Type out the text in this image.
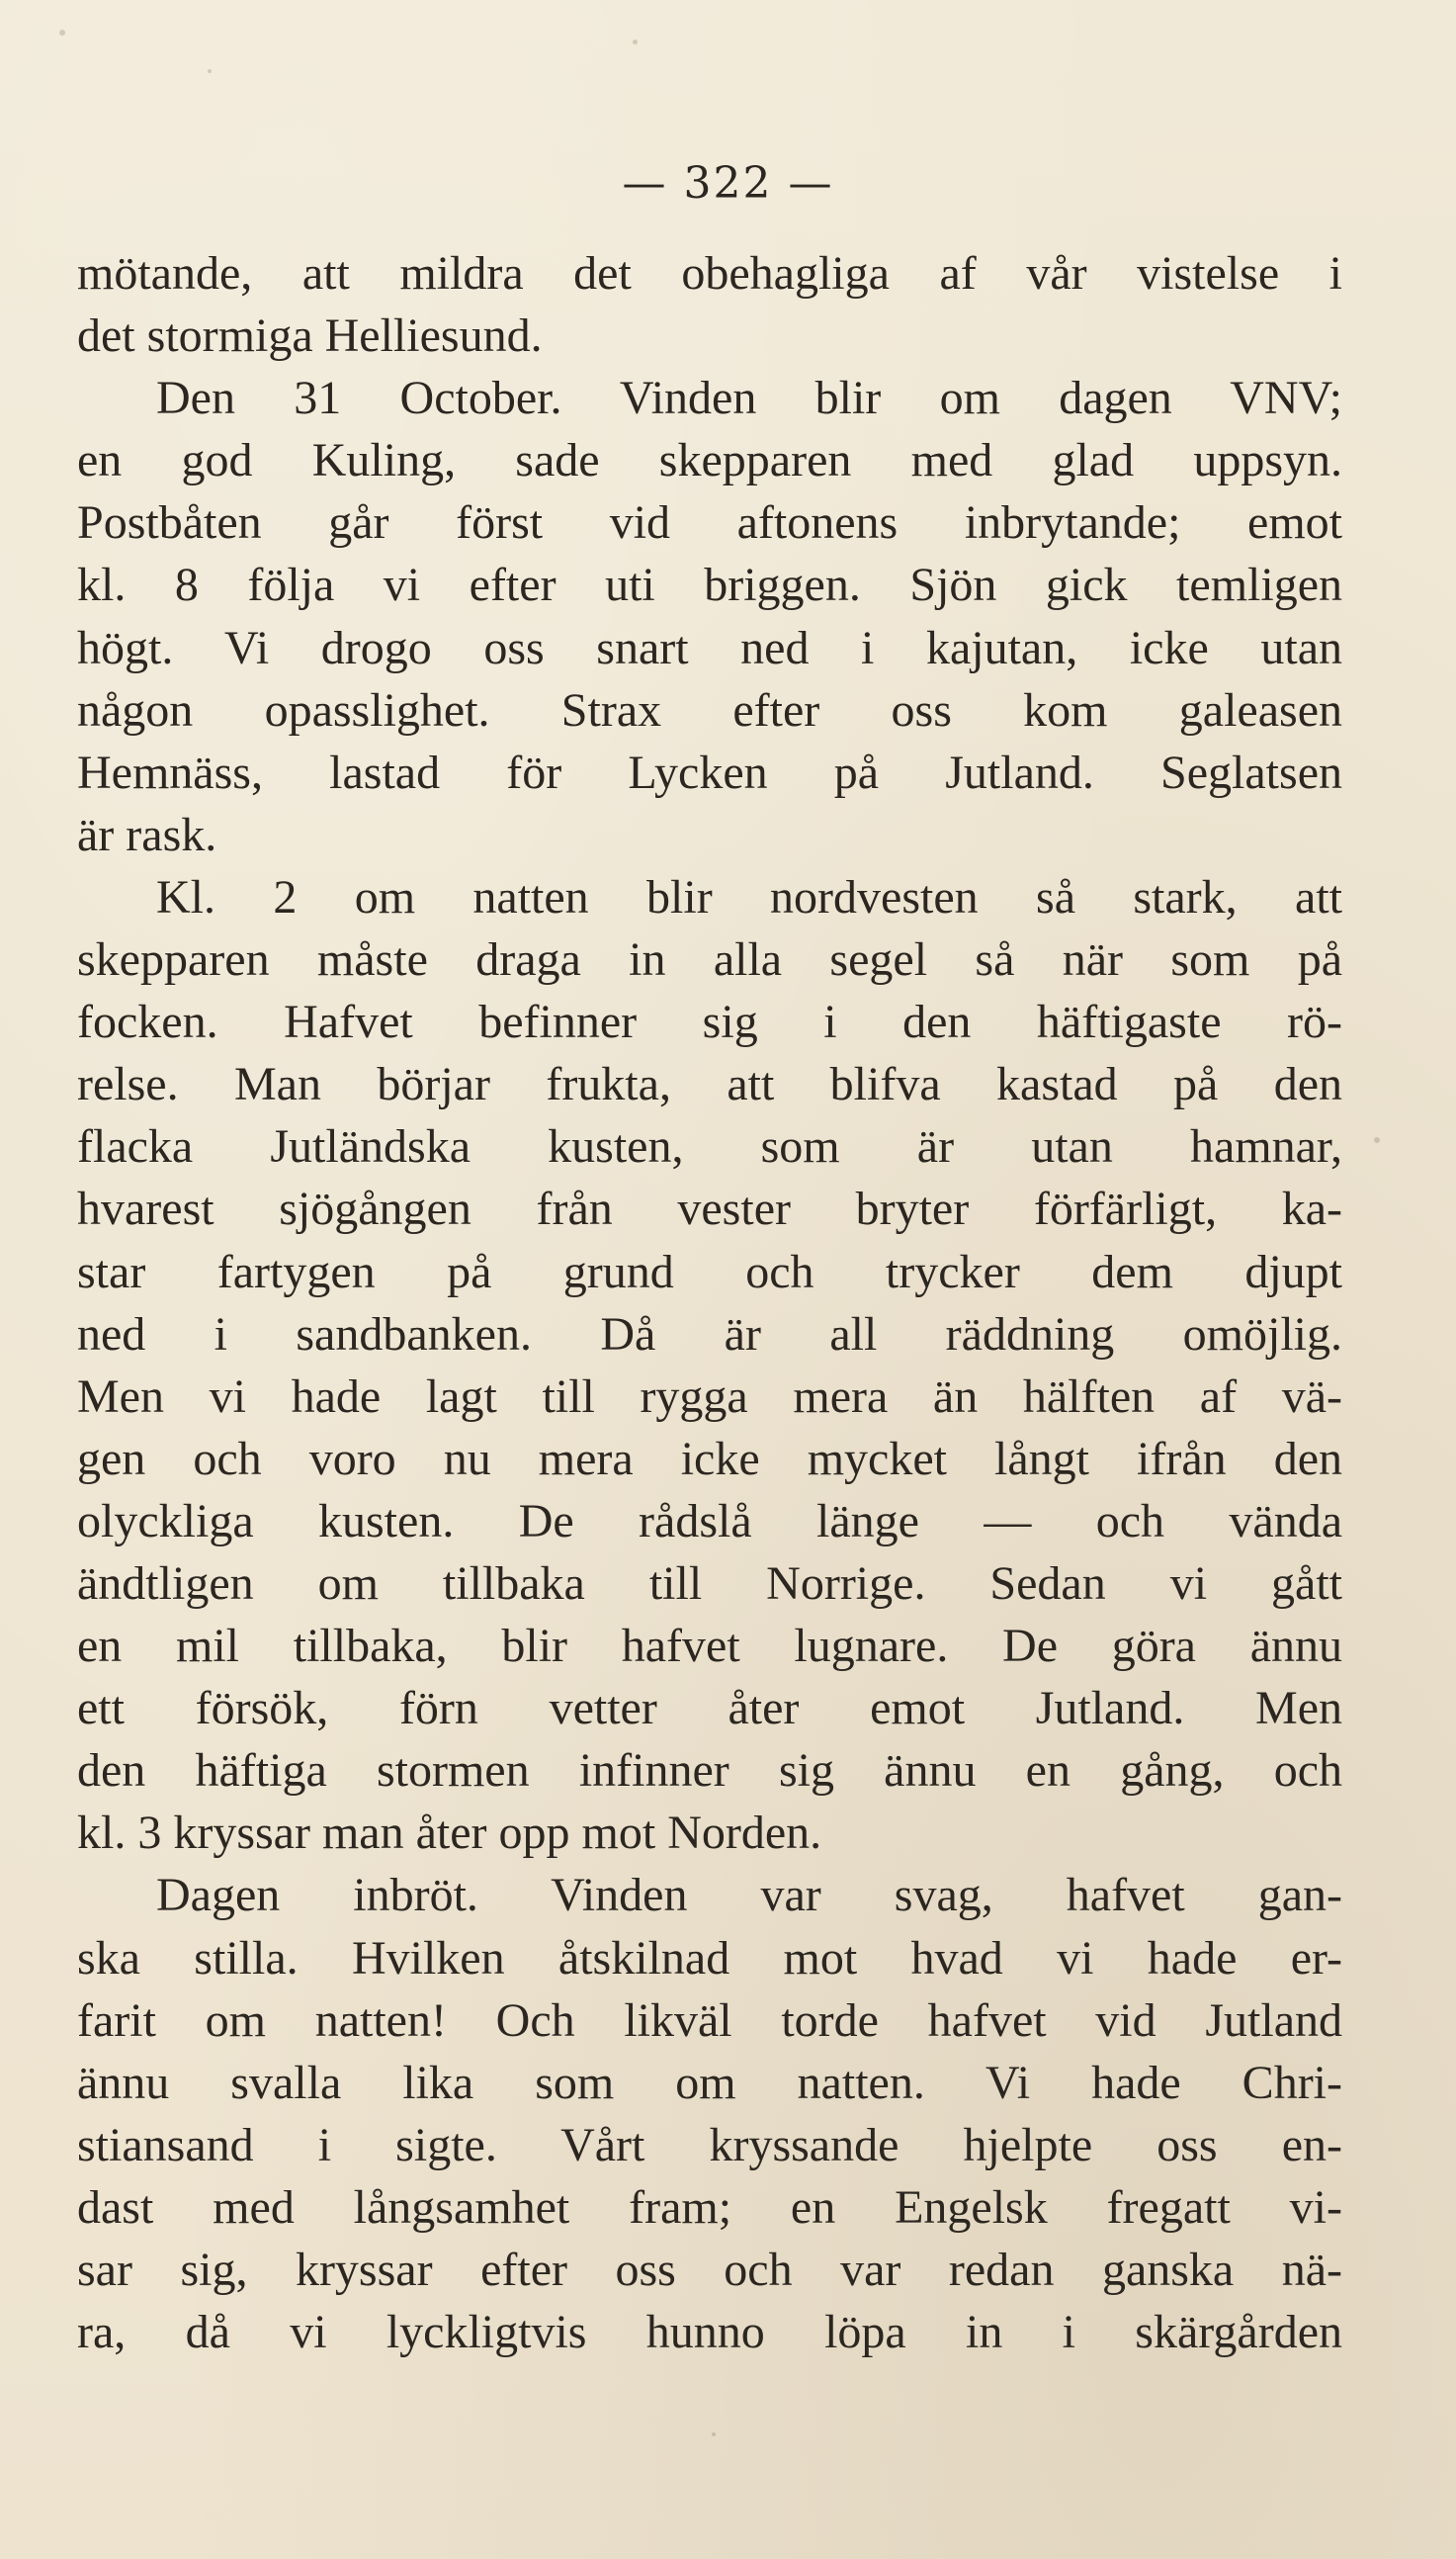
— 322 —
mötande, att mildra det obehagliga af vår vistelse i
det stormiga Helliesund.
Den 31 October. Vinden blir om dagen VNV;
en god Kuling, sade skepparen med glad uppsyn.
Postbåten går först vid aftonens inbrytande; emot
kl. 8 följa vi efter uti briggen. Sjön gick temligen
högt. Vi drogo oss snart ned i kajutan, icke utan
någon opasslighet. Strax efter oss kom galeasen
Hemnäss, lastad för Lycken på Jutland. Seglatsen
är rask.
Kl. 2 om natten blir nordvesten så stark, att
skepparen måste draga in alla segel så när som på
focken. Hafvet befinner sig i den häftigaste rö-
relse. Man börjar frukta, att blifva kastad på den
flacka Jutländska kusten, som är utan hamnar,
hvarest sjögången från vester bryter förfärligt, ka-
star fartygen på grund och trycker dem djupt
ned i sandbanken. Då är all räddning omöjlig.
Men vi hade lagt till rygga mera än hälften af vä-
gen och voro nu mera icke mycket långt ifrån den
olyckliga kusten. De rådslå länge — och vända
ändtligen om tillbaka till Norrige. Sedan vi gått
en mil tillbaka, blir hafvet lugnare. De göra ännu
ett försök, förn vetter åter emot Jutland. Men
den häftiga stormen infinner sig ännu en gång, och
kl. 3 kryssar man åter opp mot Norden.
Dagen inbröt. Vinden var svag, hafvet gan-
ska stilla. Hvilken åtskilnad mot hvad vi hade er-
farit om natten! Och likväl torde hafvet vid Jutland
ännu svalla lika som om natten. Vi hade Chri-
stiansand i sigte. Vårt kryssande hjelpte oss en-
dast med långsamhet fram; en Engelsk fregatt vi-
sar sig, kryssar efter oss och var redan ganska nä-
ra, då vi lyckligtvis hunno löpa in i skärgården
